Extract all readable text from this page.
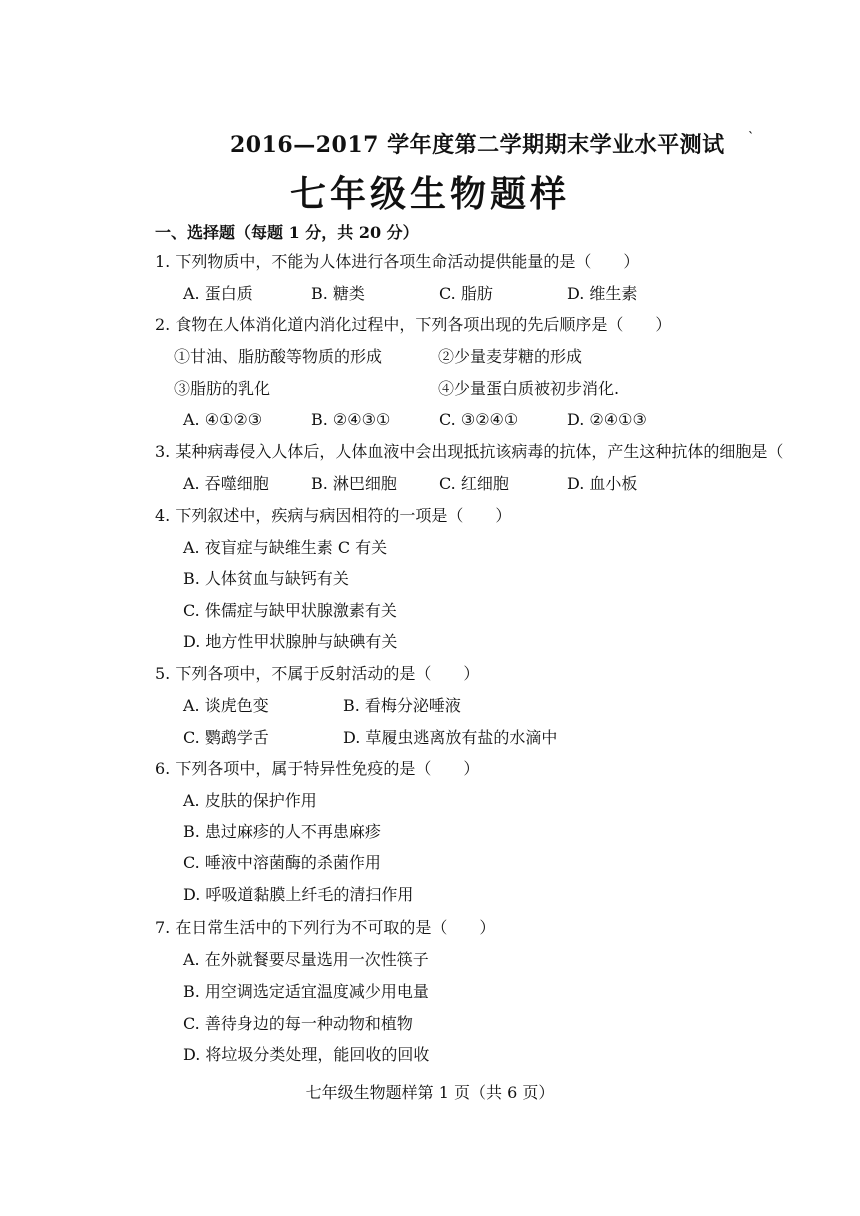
2016—2017 学年度第二学期期末学业水平测试	`
七年级生物题样
一、选择题（每题 1 分，共 20 分）
1. 下列物质中，不能为人体进行各项生命活动提供能量的是（　　）
A. 蛋白质	B. 糖类	C. 脂肪	D. 维生素
2. 食物在人体消化道内消化过程中，下列各项出现的先后顺序是（　　）
①甘油、脂肪酸等物质的形成	②少量麦芽糖的形成
③脂肪的乳化	④少量蛋白质被初步消化.
A. ④①②③	B. ②④③①	C. ③②④①	D. ②④①③
3. 某种病毒侵入人体后，人体血液中会出现抵抗该病毒的抗体，产生这种抗体的细胞是（
A. 吞噬细胞	B. 淋巴细胞	C. 红细胞	D. 血小板
4. 下列叙述中，疾病与病因相符的一项是（　　）
A. 夜盲症与缺维生素 C 有关
B. 人体贫血与缺钙有关
C. 侏儒症与缺甲状腺激素有关
D. 地方性甲状腺肿与缺碘有关
5. 下列各项中，不属于反射活动的是（　　）
A. 谈虎色变	B. 看梅分泌唾液
C. 鹦鹉学舌	D. 草履虫逃离放有盐的水滴中
6. 下列各项中，属于特异性免疫的是（　　）
A. 皮肤的保护作用
B. 患过麻疹的人不再患麻疹
C. 唾液中溶菌酶的杀菌作用
D. 呼吸道黏膜上纤毛的清扫作用
7. 在日常生活中的下列行为不可取的是（　　）
A. 在外就餐要尽量选用一次性筷子
B. 用空调选定适宜温度减少用电量
C. 善待身边的每一种动物和植物
D. 将垃圾分类处理，能回收的回收
七年级生物题样第 1 页（共 6 页）
